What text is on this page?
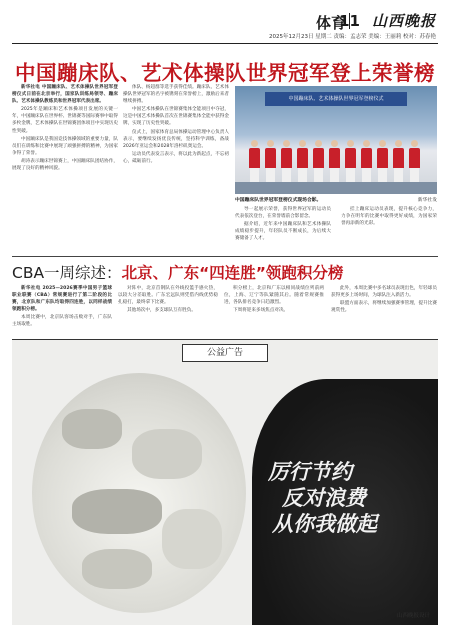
体育
11 山西晚报
2025年12月23日 星期二 责编：孟志荣 美编：王丽莉 校对：苏春艳
中国蹦床队、艺术体操队世界冠军登上荣誉榜

新华社电 中国蹦床队、艺术体操队世界冠军登榜仪式日前在北京举行，国家队训练局领导、蹦床队、艺术体操队教练员和世界冠军代表出席。

2025年是蹦床和艺术体操项目发展的关键一年，中国蹦床队在世界杯、世锦赛等国际赛事中取得多枚金牌，艺术体操队在世锦赛团体项目中实现历史性突破。

中国蹦床队是我国竞技体操领域的重要力量，队员们在训练和比赛中展现了顽强拼搏的精神，为国家争得了荣誉。

胡涛表示蹦床世锦赛上，中国蹦床队团结协作，展现了良好的精神风貌。

体队、杨超群等选手获得佳绩。蹦床队、艺术体操队世界冠军的名字被镌刻在荣誉榜上，激励后来者继续拼搏。

中国艺术体操队在世锦赛集体全能项目中夺冠，这是中国艺术体操队首次在世锦赛集体全能中获得金牌，实现了历史性突破。

仪式上，国家体育总局体操运动管理中心负责人表示，要继续发扬优良传统，坚持科学训练，备战2026年亚运会和2028年洛杉矶奥运会。

运动员代表发言表示，将以此为新起点，不忘初心，砥砺前行。

中国蹦床队、艺术体操队世界冠军登榜仪式
中国蹦床队世界冠军登榜仪式现场合影。	新华社发

导一起展示荣誉，获得世界冠军的运动员代表依次登台，在荣誉墙前合影留念。

据介绍，近年来中国蹦床队和艺术体操队成绩稳步提升，年轻队员不断成长，为后续大赛储备了人才。

挂上蹦床运动员表现，提升核心竞争力，力争在明年的比赛中取得更好成绩，为国家荣誉再添新的光彩。

CBA一周综述：北京、广东“四连胜”领跑积分榜

新华社电 2025—2026赛季中国男子篮球职业联赛（CBA）常规赛进行了第二阶段的比赛，北京队和广东队均取得四连胜，以同样战绩领跑积分榜。

本周比赛中，北京队客场击败对手，广东队主场取胜。

对阵中，北京首钢队在外线投篮手感火热，以较大分差取胜。广东宏远队则凭借内线优势稳扎稳打，最终拿下比赛。

其他场次中，多支球队互有胜负。

积分榜上，北京和广东以相同战绩位列前两位，上海、辽宁等队紧随其后。随着常规赛推进，各队排名竞争日趋激烈。

下周将迎来多场焦点对决。

此外，本周比赛中多名球员表现出色，年轻球员获得更多上场时间，为球队注入新活力。

联盟方面表示，将继续加强赛事管理，提升比赛观赏性。

公益广告
厉行节约
反对浪费
从你我做起
山西晚报设计
